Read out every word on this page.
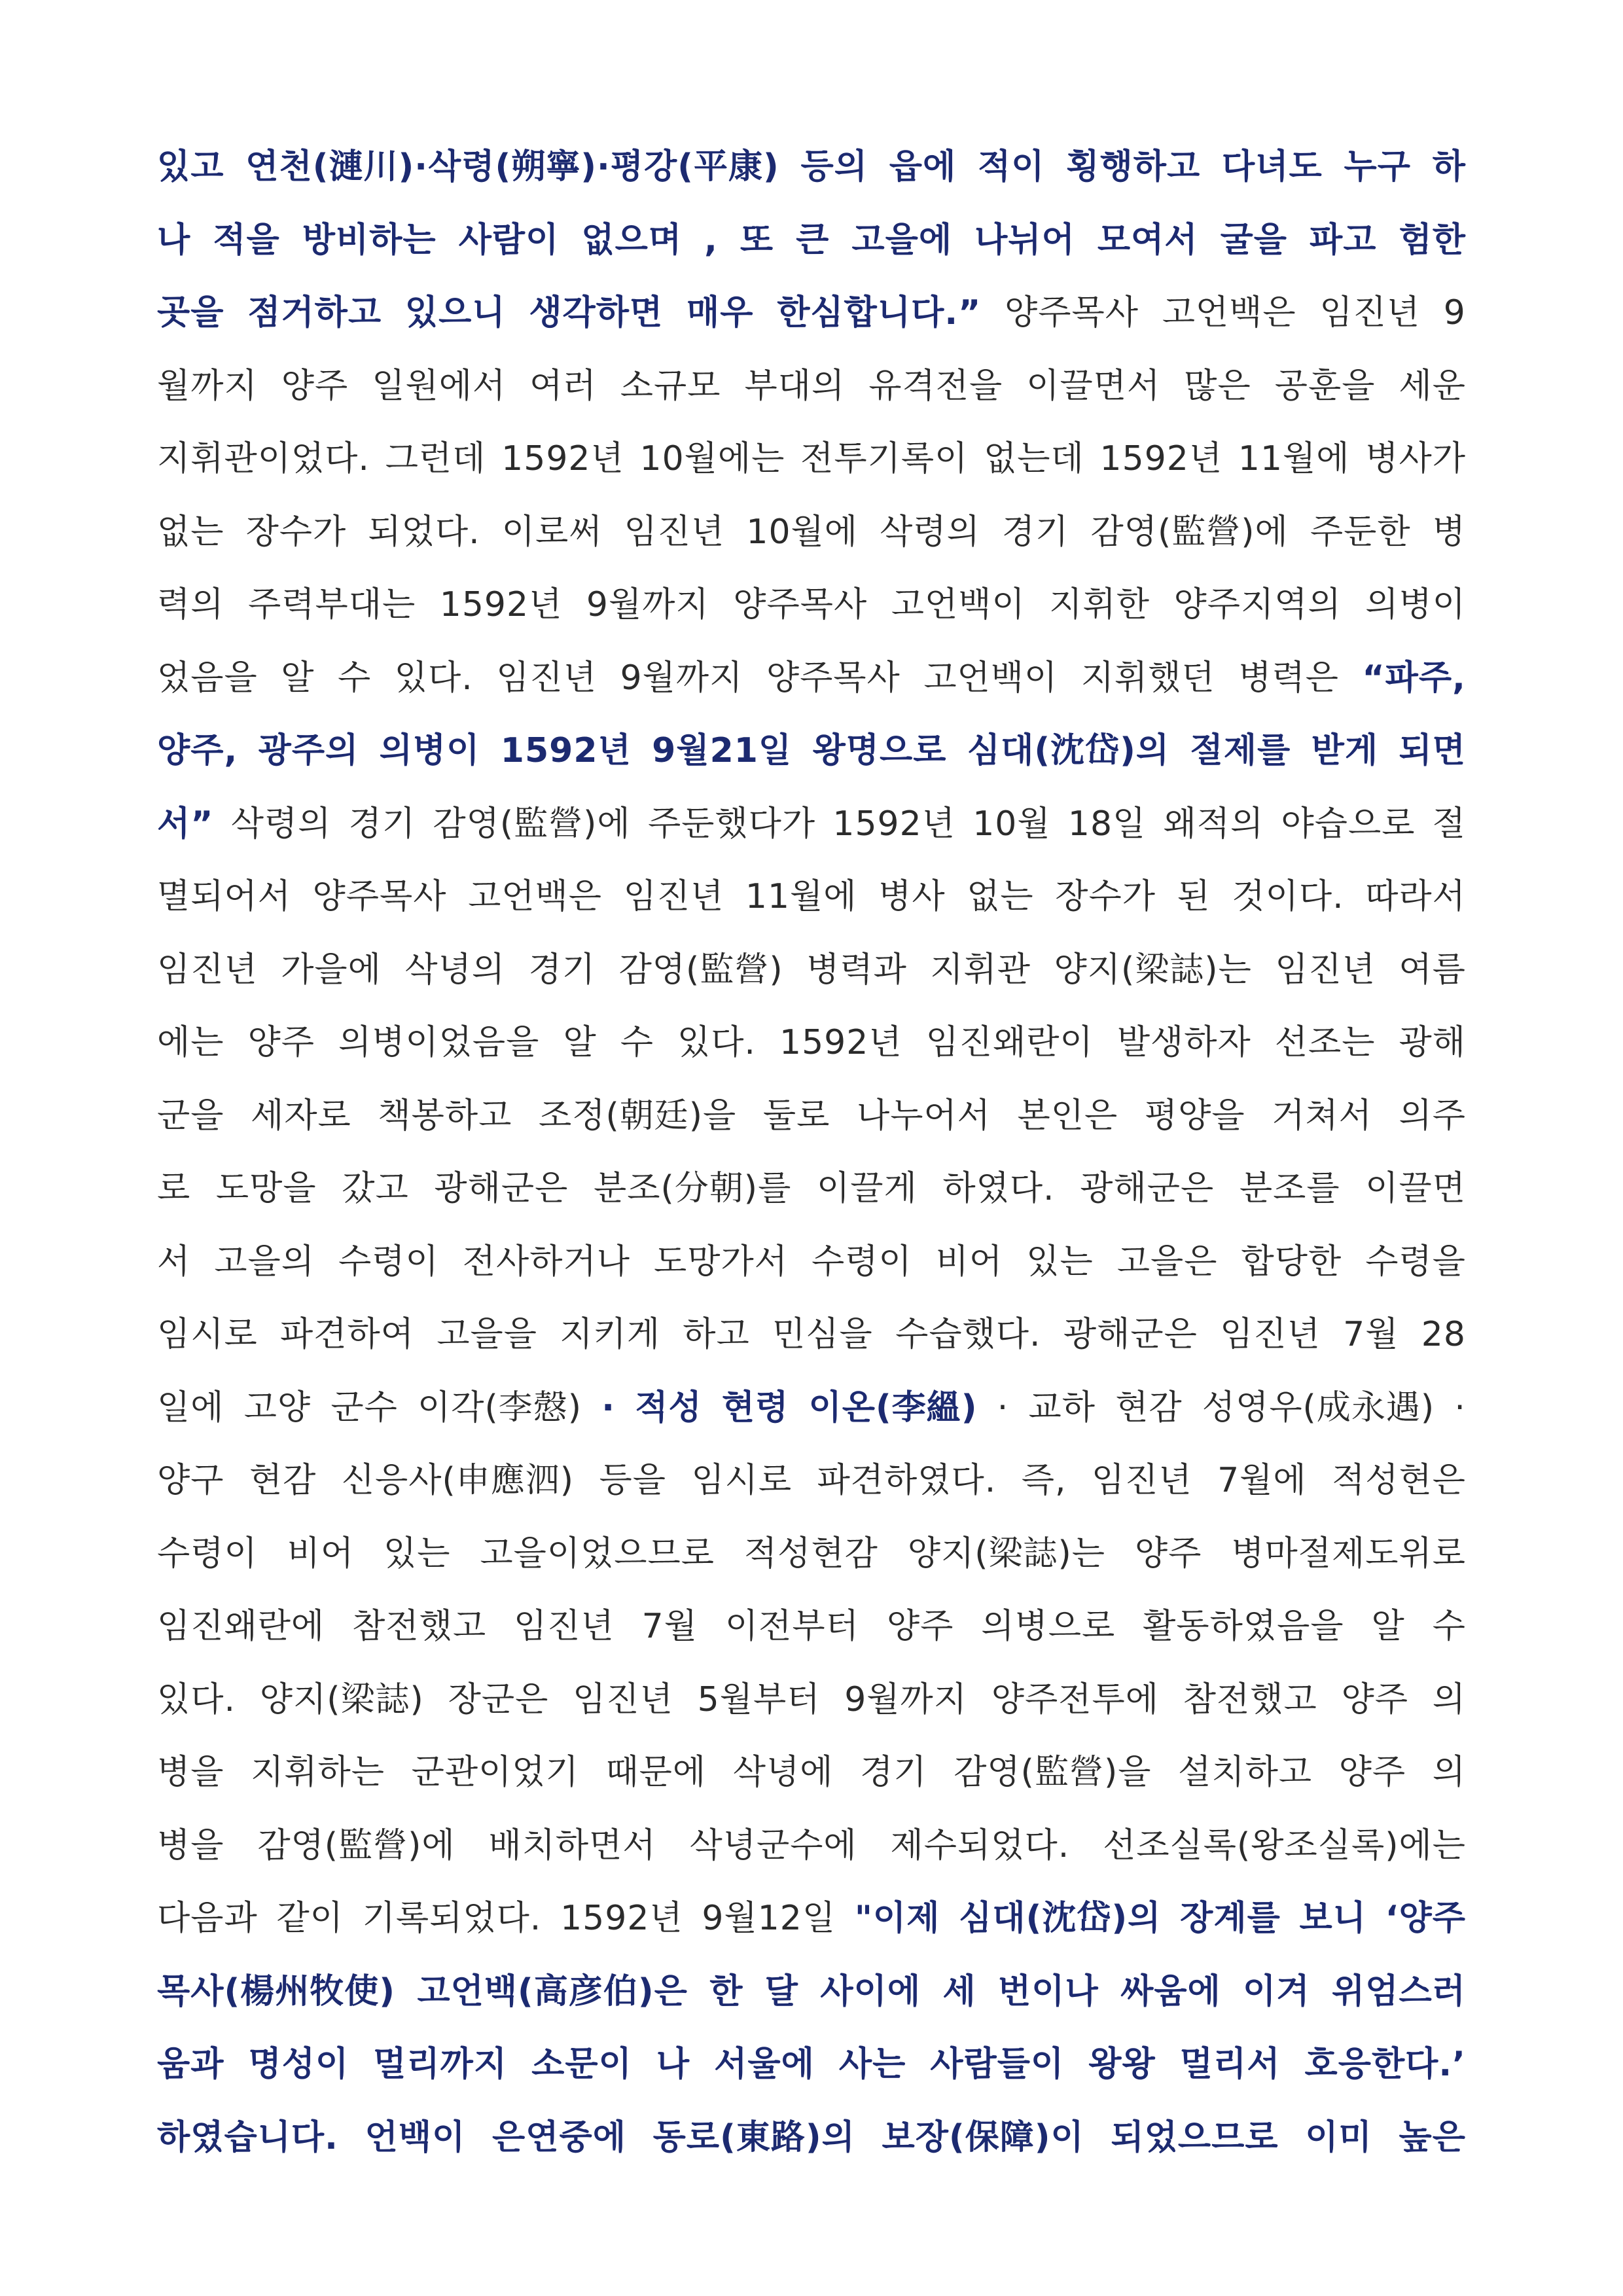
있고 연천(漣川)·삭령(朔寧)·평강(平康) 등의 읍에 적이 횡행하고 다녀도 누구 하
나 적을 방비하는 사람이 없으며 , 또 큰 고을에 나뉘어 모여서 굴을 파고 험한
곳을 점거하고 있으니 생각하면 매우 한심합니다.” 양주목사 고언백은 임진년 9
월까지 양주 일원에서 여러 소규모 부대의 유격전을 이끌면서 많은 공훈을 세운
지휘관이었다. 그런데 1592년 10월에는 전투기록이 없는데 1592년 11월에 병사가
없는 장수가 되었다. 이로써 임진년 10월에 삭령의 경기 감영(監營)에 주둔한 병
력의 주력부대는 1592년 9월까지 양주목사 고언백이 지휘한 양주지역의 의병이
었음을 알 수 있다. 임진년 9월까지 양주목사 고언백이 지휘했던 병력은 “파주,
양주, 광주의 의병이 1592년 9월21일 왕명으로 심대(沈岱)의 절제를 받게 되면
서” 삭령의 경기 감영(監營)에 주둔했다가 1592년 10월 18일 왜적의 야습으로 절
멸되어서 양주목사 고언백은 임진년 11월에 병사 없는 장수가 된 것이다. 따라서
임진년 가을에 삭녕의 경기 감영(監營) 병력과 지휘관 양지(梁誌)는 임진년 여름
에는 양주 의병이었음을 알 수 있다. 1592년 임진왜란이 발생하자 선조는 광해
군을 세자로 책봉하고 조정(朝廷)을 둘로 나누어서 본인은 평양을 거쳐서 의주
로 도망을 갔고 광해군은 분조(分朝)를 이끌게 하였다. 광해군은 분조를 이끌면
서 고을의 수령이 전사하거나 도망가서 수령이 비어 있는 고을은 합당한 수령을
임시로 파견하여 고을을 지키게 하고 민심을 수습했다. 광해군은 임진년 7월 28
일에 고양 군수 이각(李慤) · 적성 현령 이온(李縕) · 교하 현감 성영우(成永遇) ·
양구 현감 신응사(申應泗) 등을 임시로 파견하였다. 즉, 임진년 7월에 적성현은
수령이 비어 있는 고을이었으므로 적성현감 양지(梁誌)는 양주 병마절제도위로
임진왜란에 참전했고 임진년 7월 이전부터 양주 의병으로 활동하였음을 알 수
있다. 양지(梁誌) 장군은 임진년 5월부터 9월까지 양주전투에 참전했고 양주 의
병을 지휘하는 군관이었기 때문에 삭녕에 경기 감영(監營)을 설치하고 양주 의
병을 감영(監營)에 배치하면서 삭녕군수에 제수되었다. 선조실록(왕조실록)에는
다음과 같이 기록되었다. 1592년 9월12일 "이제 심대(沈岱)의 장계를 보니 ‘양주
목사(楊州牧使) 고언백(高彦伯)은 한 달 사이에 세 번이나 싸움에 이겨 위엄스러
움과 명성이 멀리까지 소문이 나 서울에 사는 사람들이 왕왕 멀리서 호응한다.’
하였습니다. 언백이 은연중에 동로(東路)의 보장(保障)이 되었으므로 이미 높은
